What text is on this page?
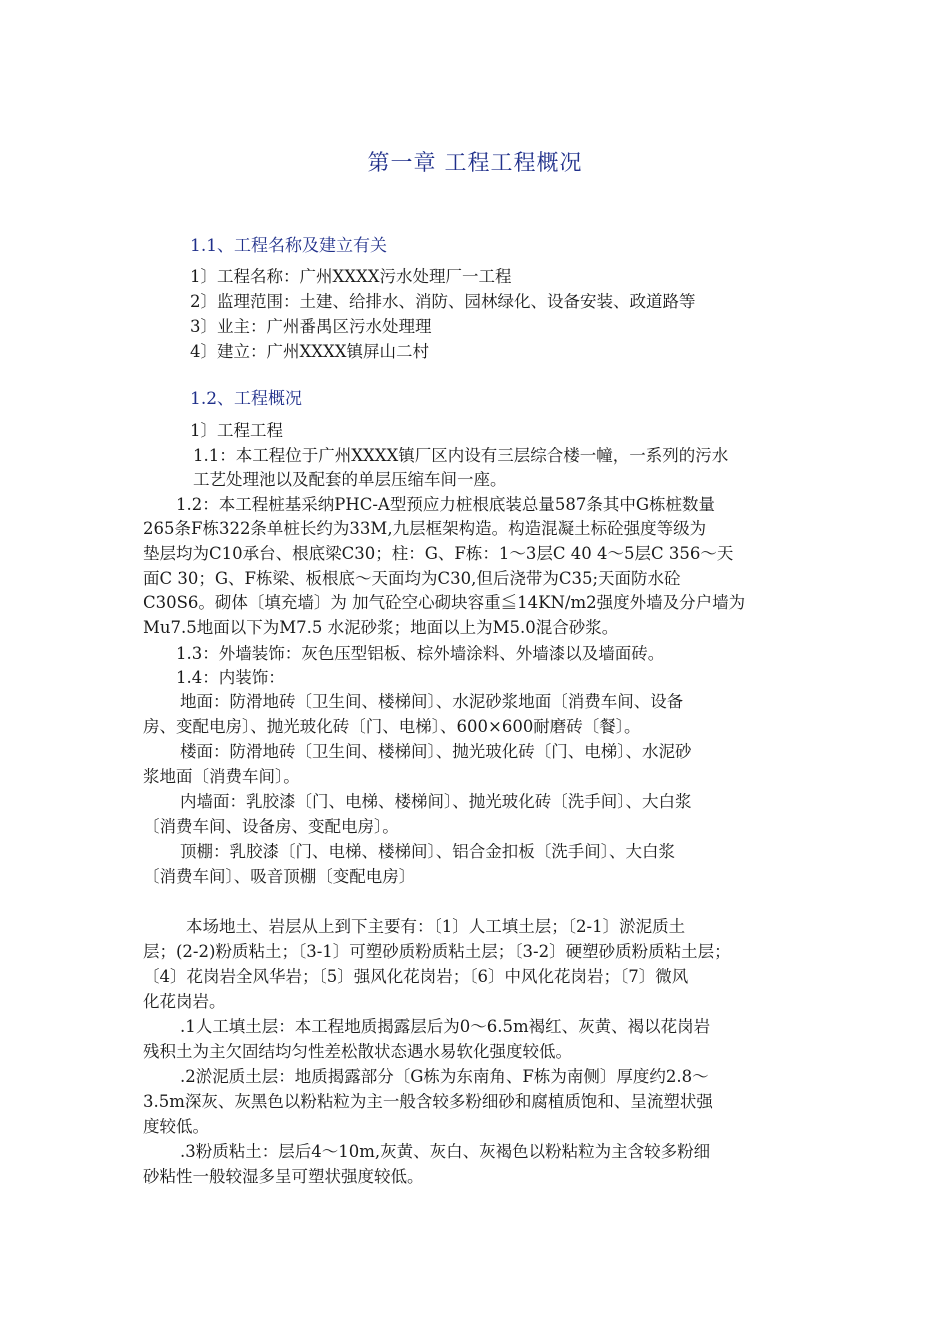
第一章 工程工程概况
1.1、工程名称及建立有关
1〕工程名称：广州XXXX污水处理厂一工程
2〕监理范围：土建、给排水、消防、园林绿化、设备安装、政道路等
3〕业主：广州番禺区污水处理理
4〕建立：广州XXXX镇屏山二村
1.2、工程概况
1〕工程工程
1.1：本工程位于广州XXXX镇厂区内设有三层综合楼一幢，一系列的污水
工艺处理池以及配套的单层压缩车间一座。
1.2：本工程桩基采纳PHC-A型预应力桩根底装总量587条其中G栋桩数量
265条F栋322条单桩长约为33M,九层框架构造。构造混凝土标砼强度等级为
垫层均为C10承台、根底梁C30；柱：G、F栋：1～3层C 40 4～5层C 356～天
面C 30；G、F栋梁、板根底～天面均为C30,但后浇带为C35;天面防水砼
C30S6。砌体〔填充墙〕为 加气砼空心砌块容重≦14KN/m2强度外墙及分户墙为
Mu7.5地面以下为M7.5 水泥砂浆；地面以上为M5.0混合砂浆。
1.3：外墙装饰：灰色压型铝板、棕外墙涂料、外墙漆以及墙面砖。
1.4：内装饰：
地面：防滑地砖〔卫生间、楼梯间〕、水泥砂浆地面〔消费车间、设备
房、变配电房〕、抛光玻化砖〔门、电梯〕、600×600耐磨砖〔餐〕。
楼面：防滑地砖〔卫生间、楼梯间〕、抛光玻化砖〔门、电梯〕、水泥砂
浆地面〔消费车间〕。
内墙面：乳胶漆〔门、电梯、楼梯间〕、抛光玻化砖〔洗手间〕、大白浆
〔消费车间、设备房、变配电房〕。
顶棚：乳胶漆〔门、电梯、楼梯间〕、铝合金扣板〔洗手间〕、大白浆
〔消费车间〕、吸音顶棚〔变配电房〕
本场地土、岩层从上到下主要有：〔1〕人工填土层；〔2-1〕淤泥质土
层；(2-2)粉质粘土；〔3-1〕可塑砂质粉质粘土层；〔3-2〕硬塑砂质粉质粘土层；
〔4〕花岗岩全风华岩；〔5〕强风化花岗岩；〔6〕中风化花岗岩；〔7〕微风
化花岗岩。
.1人工填土层：本工程地质揭露层后为0～6.5m褐红、灰黄、褐以花岗岩
残积土为主欠固结均匀性差松散状态遇水易软化强度较低。
.2淤泥质土层：地质揭露部分〔G栋为东南角、F栋为南侧〕厚度约2.8～
3.5m深灰、灰黑色以粉粘粒为主一般含较多粉细砂和腐植质饱和、呈流塑状强
度较低。
.3粉质粘土：层后4～10m,灰黄、灰白、灰褐色以粉粘粒为主含较多粉细
砂粘性一般较湿多呈可塑状强度较低。
